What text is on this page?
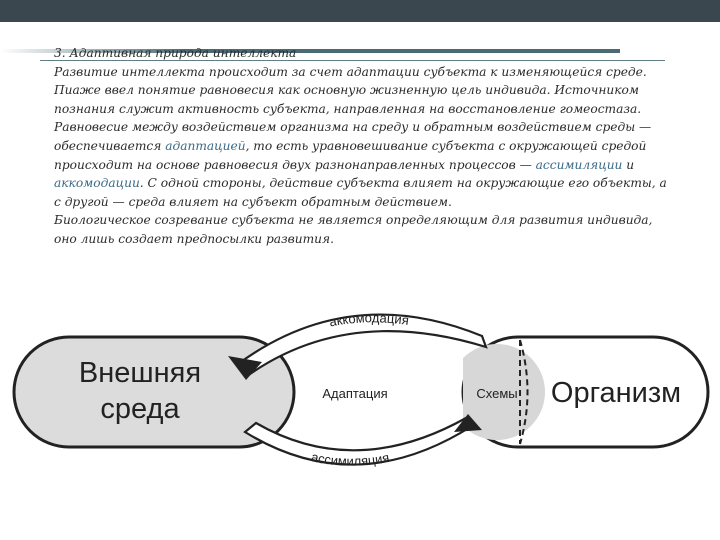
3. Адаптивная природа интеллекта

Развитие интеллекта происходит за счет адаптации субъекта к изменяющейся среде. Пиаже ввел понятие равновесия как основную жизненную цель индивида. Источником познания служит активность субъекта, направленная на восстановление гомеостаза. Равновесие между воздействием организма на среду и обратным воздействием среды — обеспечивается адаптацией, то есть уравновешивание субъекта с окружающей средой происходит на основе равновесия двух разнонаправленных процессов — ассимиляции и аккомодации. С одной стороны, действие субъекта влияет на окружающие его объекты, а с другой — среда влияет на субъект обратным действием.

Биологическое созревание субъекта не является определяющим для развития индивида, оно лишь создает предпосылки развития.

аккомодация
ассимиляция
Внешняя
среда	Адаптация	Схемы Организм
